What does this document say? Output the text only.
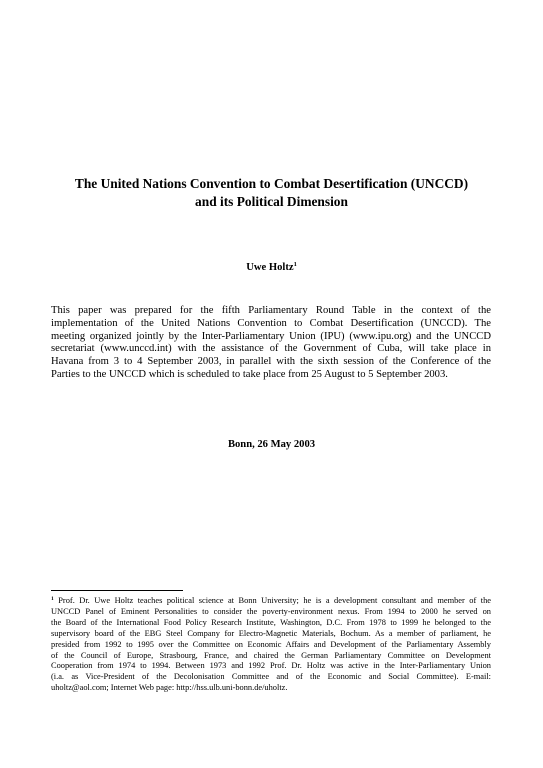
The United Nations Convention to Combat Desertification (UNCCD)
and its Political Dimension
Uwe Holtz$^1$
This paper was prepared for the fifth Parliamentary Round Table in the context of the
implementation of the United Nations Convention to Combat Desertification (UNCCD). The
meeting organized jointly by the Inter-Parliamentary Union (IPU) (www.ipu.org) and the UNCCD
secretariat (www.unccd.int) with the assistance of the Government of Cuba, will take place in
Havana from 3 to 4 September 2003, in parallel with the sixth session of the Conference of the
Parties to the UNCCD which is scheduled to take place from 25 August to 5 September 2003.
Bonn, 26 May 2003
$^1$ Prof. Dr. Uwe Holtz teaches political science at Bonn University; he is a development consultant and member of the
UNCCD Panel of Eminent Personalities to consider the poverty-environment nexus. From 1994 to 2000 he served on
the Board of the International Food Policy Research Institute, Washington, D.C. From 1978 to 1999 he belonged to the
supervisory board of the EBG Steel Company for Electro-Magnetic Materials, Bochum. As a member of parliament, he
presided from 1992 to 1995 over the Committee on Economic Affairs and Development of the Parliamentary Assembly
of the Council of Europe, Strasbourg, France, and chaired the German Parliamentary Committee on Development
Cooperation from 1974 to 1994. Between 1973 and 1992 Prof. Dr. Holtz was active in the Inter-Parliamentary Union
(i.a. as Vice-President of the Decolonisation Committee and of the Economic and Social Committee). E-mail:
uholtz@aol.com; Internet Web page: http://hss.ulb.uni-bonn.de/uholtz.
